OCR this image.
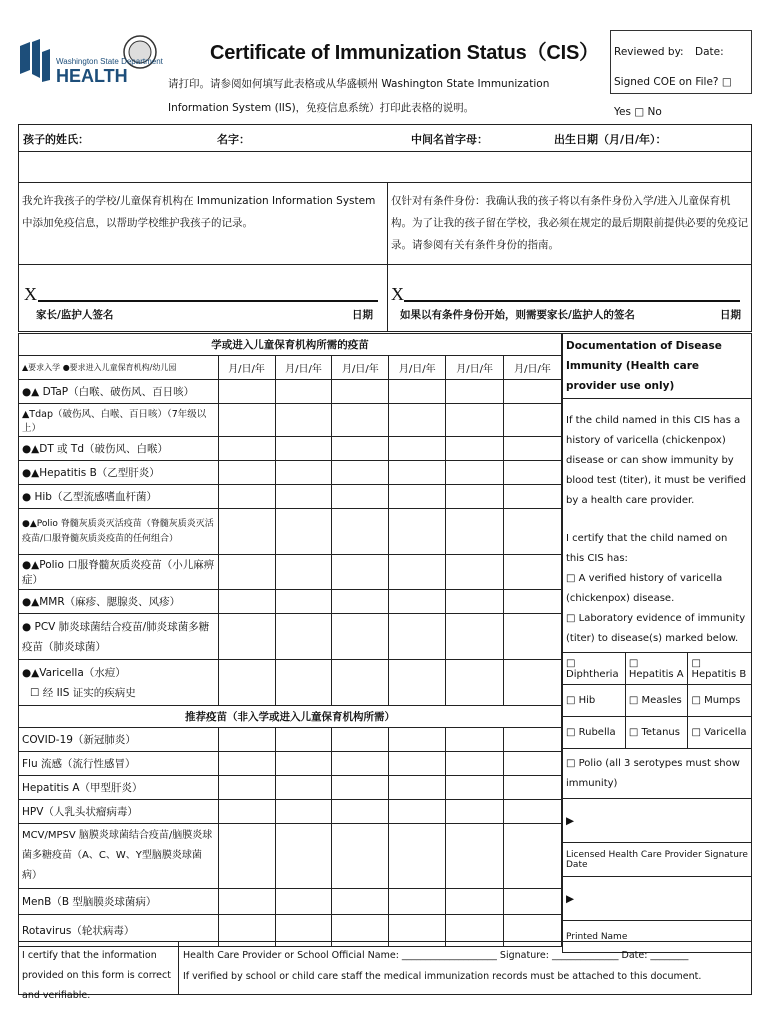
Washington State Department of
HEALTH
Certificate of Immunization Status（CIS）
请打印。请参阅如何填写此表格或从华盛顿州 Washington State Immunization Information System (IIS)，免疫信息系统）打印此表格的说明。
Reviewed by:	Date:
Signed COE on File? □ Yes □ No
孩子的姓氏：	名字：	中间名首字母：	出生日期（月/日/年）：
我允许我孩子的学校/儿童保育机构在 Immunization Information System 中添加免疫信息，以帮助学校维护我孩子的记录。
仅针对有条件身份：我确认我的孩子将以有条件身份入学/进入儿童保育机构。为了让我的孩子留在学校，我必须在规定的最后期限前提供必要的免疫记录。请参阅有关有条件身份的指南。
X
家长/监护人签名	日期
X
如果以有条件身份开始，则需要家长/监护人的签名	日期
学或进入儿童保育机构所需的疫苗						
▲要求入学 ●要求进入儿童保育机构/幼儿园	月/日/年	月/日/年	月/日/年	月/日/年	月/日/年	月/日/年
●▲ DTaP（白喉、破伤风、百日咳）						
▲Tdap（破伤风、白喉、百日咳）（7年级以上）						
●▲DT 或 Td（破伤风、白喉）						
●▲Hepatitis B（乙型肝炎）						
● Hib（乙型流感嗜血杆菌）						
●▲Polio 脊髓灰质炎灭活疫苗（脊髓灰质炎灭活疫苗/口服脊髓灰质炎疫苗的任何组合）						
●▲Polio 口服脊髓灰质炎疫苗（小儿麻痹症）						
●▲MMR（麻疹、腮腺炎、风疹）						
● PCV 肺炎球菌结合疫苗/肺炎球菌多糖疫苗（肺炎球菌）						

●▲Varicella（水痘）
☐ 经 IIS 证实的疾病史						

推荐疫苗（非入学或进入儿童保育机构所需）						
COVID-19（新冠肺炎）						
Flu 流感（流行性感冒）						
Hepatitis A（甲型肝炎）						
HPV（人乳头状瘤病毒）						
MCV/MPSV 脑膜炎球菌结合疫苗/脑膜炎球菌多糖疫苗（A、C、W、Y型脑膜炎球菌病）						
MenB（B 型脑膜炎球菌病）						
Rotavirus（轮状病毒）						
Documentation of Disease Immunity (Health care provider use only)		

If the child named in this CIS has a history of varicella (chickenpox) disease or can show immunity by blood test (titer), it must be verified by a health care provider.
I certify that the child named on this CIS has:
□ A verified history of varicella (chickenpox) disease.
□ Laboratory evidence of immunity (titer) to disease(s) marked below.		

□ Diphtheria	□ Hepatitis A	□ Hepatitis B
□ Hib	□ Measles	□ Mumps
□ Rubella	□ Tetanus	□ Varicella
□ Polio (all 3 serotypes must show immunity)		
▶		
Licensed Health Care Provider Signature Date		
▶		
Printed Name		
I certify that the information provided on this form is correct and verifiable.
Health Care Provider or School Official Name: ____________________ Signature: ______________ Date: ________
If verified by school or child care staff the medical immunization records must be attached to this document.
